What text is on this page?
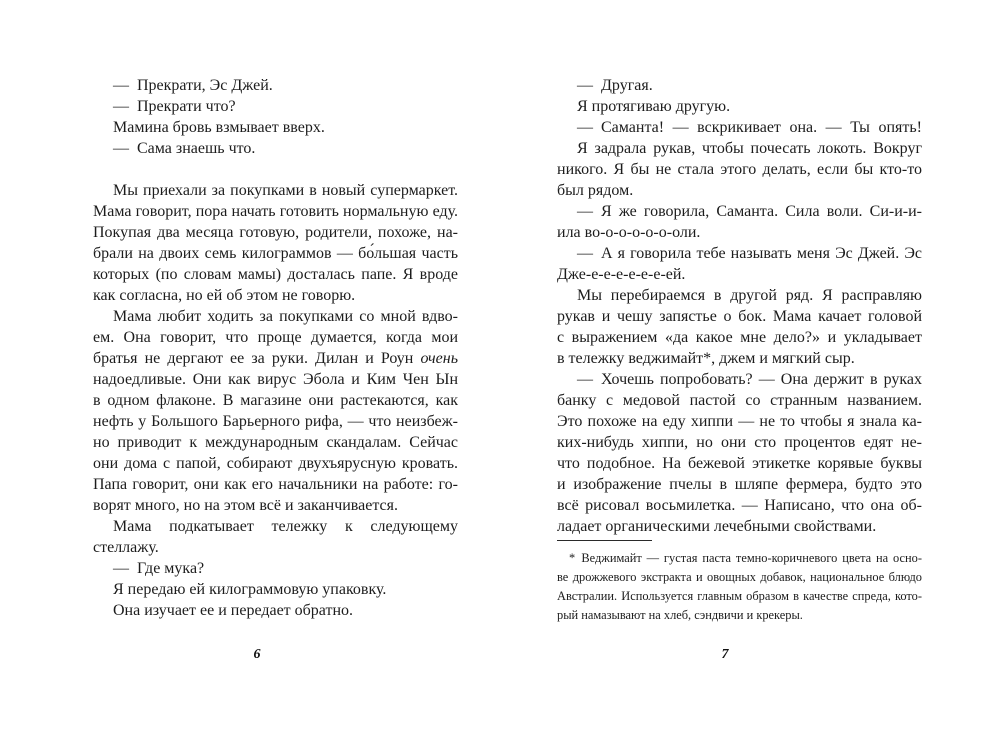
— Прекрати, Эс Джей.
— Прекрати что?
Мамина бровь взмывает вверх.
— Сама знаешь что.
Мы приехали за покупками в новый супермаркет.
Мама говорит, пора начать готовить нормальную еду.
Покупая два месяца готовую, родители, похоже, на-
брали на двоих семь килограммов — бо́льшая часть
которых (по словам мамы) досталась папе. Я вроде
как согласна, но ей об этом не говорю.
Мама любит ходить за покупками со мной вдво-
ем. Она говорит, что проще думается, когда мои
братья не дергают ее за руки. Дилан и Роун очень
надоедливые. Они как вирус Эбола и Ким Чен Ын
в одном флаконе. В магазине они растекаются, как
нефть у Большого Барьерного рифа, — что неизбеж-
но приводит к международным скандалам. Сейчас
они дома с папой, собирают двухъярусную кровать.
Папа говорит, они как его начальники на работе: го-
ворят много, но на этом всё и заканчивается.
Мама подкатывает тележку к следующему
стеллажу.
— Где мука?
Я передаю ей килограммовую упаковку.
Она изучает ее и передает обратно.
6
— Другая.
Я протягиваю другую.
— Саманта! — вскрикивает она. — Ты опять!
Я задрала рукав, чтобы почесать локоть. Вокруг
никого. Я бы не стала этого делать, если бы кто-то
был рядом.
— Я же говорила, Саманта. Сила воли. Си-и-и-
ила во-о-о-о-о-о-оли.
— А я говорила тебе называть меня Эс Джей. Эс
Дже-е-е-е-е-е-е-ей.
Мы перебираемся в другой ряд. Я расправляю
рукав и чешу запястье о бок. Мама качает головой
с выражением «да какое мне дело?» и укладывает
в тележку веджимайт*, джем и мягкий сыр.
— Хочешь попробовать? — Она держит в руках
банку с медовой пастой со странным названием.
Это похоже на еду хиппи — не то чтобы я знала ка-
ких-нибудь хиппи, но они сто процентов едят не-
что подобное. На бежевой этикетке корявые буквы
и изображение пчелы в шляпе фермера, будто это
всё рисовал восьмилетка. — Написано, что она об-
ладает органическими лечебными свойствами.
* Веджимайт — густая паста темно-коричневого цвета на осно-
ве дрожжевого экстракта и овощных добавок, национальное блюдо
Австралии. Используется главным образом в качестве спреда, кото-
рый намазывают на хлеб, сэндвичи и крекеры.
7
